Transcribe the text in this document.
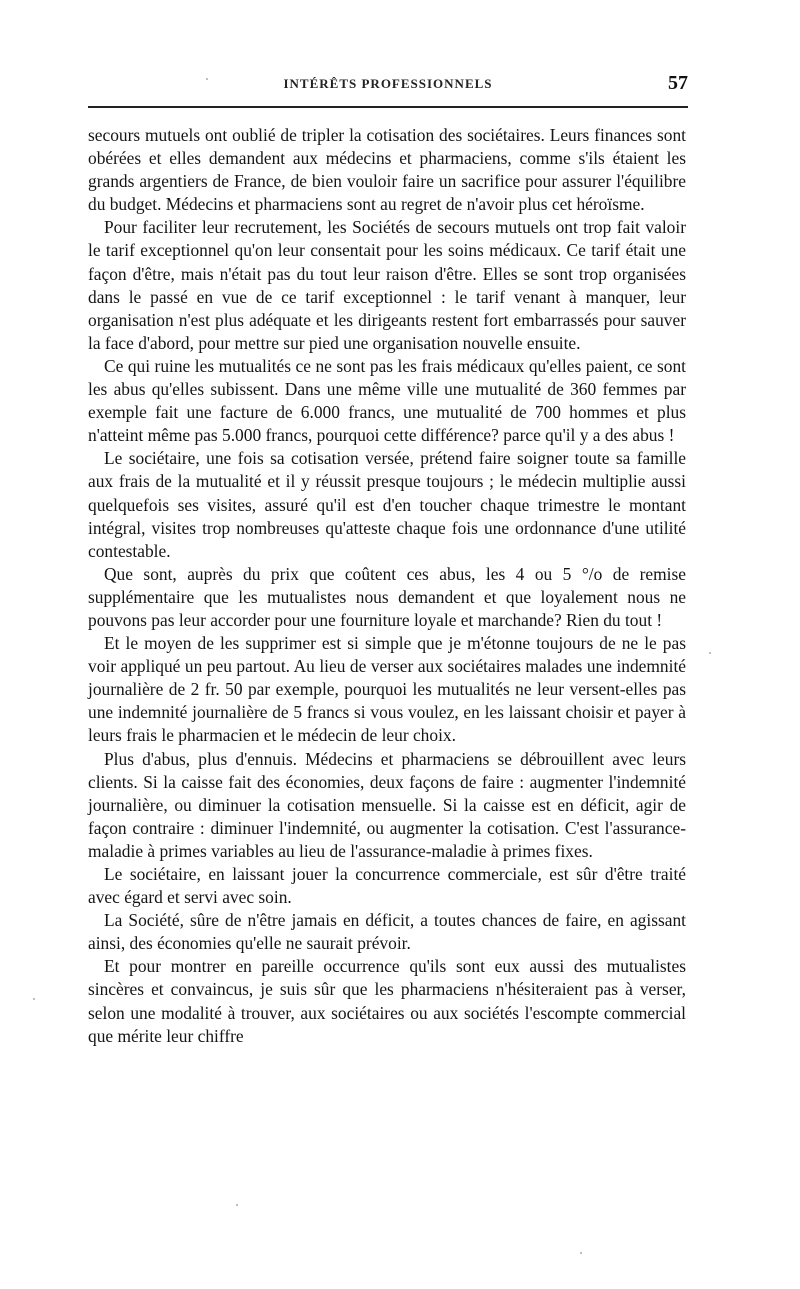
INTÉRÊTS PROFESSIONNELS	57

secours mutuels ont oublié de tripler la cotisation des sociétaires. Leurs finances sont obérées et elles demandent aux médecins et pharmaciens, comme s'ils étaient les grands argentiers de France, de bien vouloir faire un sacrifice pour assurer l'équilibre du budget. Médecins et pharmaciens sont au regret de n'avoir plus cet héroïsme.

Pour faciliter leur recrutement, les Sociétés de secours mutuels ont trop fait valoir le tarif exceptionnel qu'on leur consentait pour les soins médicaux. Ce tarif était une façon d'être, mais n'était pas du tout leur raison d'être. Elles se sont trop organisées dans le passé en vue de ce tarif exceptionnel : le tarif venant à manquer, leur organisation n'est plus adéquate et les dirigeants restent fort embarrassés pour sauver la face d'abord, pour mettre sur pied une organisation nouvelle ensuite.

Ce qui ruine les mutualités ce ne sont pas les frais médicaux qu'elles paient, ce sont les abus qu'elles subissent. Dans une même ville une mutualité de 360 femmes par exemple fait une facture de 6.000 francs, une mutualité de 700 hommes et plus n'atteint même pas 5.000 francs, pourquoi cette différence? parce qu'il y a des abus !

Le sociétaire, une fois sa cotisation versée, prétend faire soigner toute sa famille aux frais de la mutualité et il y réussit presque toujours ; le médecin multiplie aussi quelquefois ses visites, assuré qu'il est d'en toucher chaque trimestre le montant intégral, visites trop nombreuses qu'atteste chaque fois une ordonnance d'une utilité contestable.

Que sont, auprès du prix que coûtent ces abus, les 4 ou 5 °/o de remise supplémentaire que les mutualistes nous demandent et que loyalement nous ne pouvons pas leur accorder pour une fourniture loyale et marchande? Rien du tout !

Et le moyen de les supprimer est si simple que je m'étonne toujours de ne le pas voir appliqué un peu partout. Au lieu de verser aux sociétaires malades une indemnité journalière de 2 fr. 50 par exemple, pourquoi les mutualités ne leur versent-elles pas une indemnité journalière de 5 francs si vous voulez, en les laissant choisir et payer à leurs frais le pharmacien et le médecin de leur choix.

Plus d'abus, plus d'ennuis. Médecins et pharmaciens se débrouillent avec leurs clients. Si la caisse fait des économies, deux façons de faire : augmenter l'indemnité journalière, ou diminuer la cotisation mensuelle. Si la caisse est en déficit, agir de façon contraire : diminuer l'indemnité, ou augmenter la cotisation. C'est l'assurance-maladie à primes variables au lieu de l'assurance-maladie à primes fixes.

Le sociétaire, en laissant jouer la concurrence commerciale, est sûr d'être traité avec égard et servi avec soin.

La Société, sûre de n'être jamais en déficit, a toutes chances de faire, en agissant ainsi, des économies qu'elle ne saurait prévoir.

Et pour montrer en pareille occurrence qu'ils sont eux aussi des mutualistes sincères et convaincus, je suis sûr que les pharmaciens n'hésiteraient pas à verser, selon une modalité à trouver, aux sociétaires ou aux sociétés l'escompte commercial que mérite leur chiffre
